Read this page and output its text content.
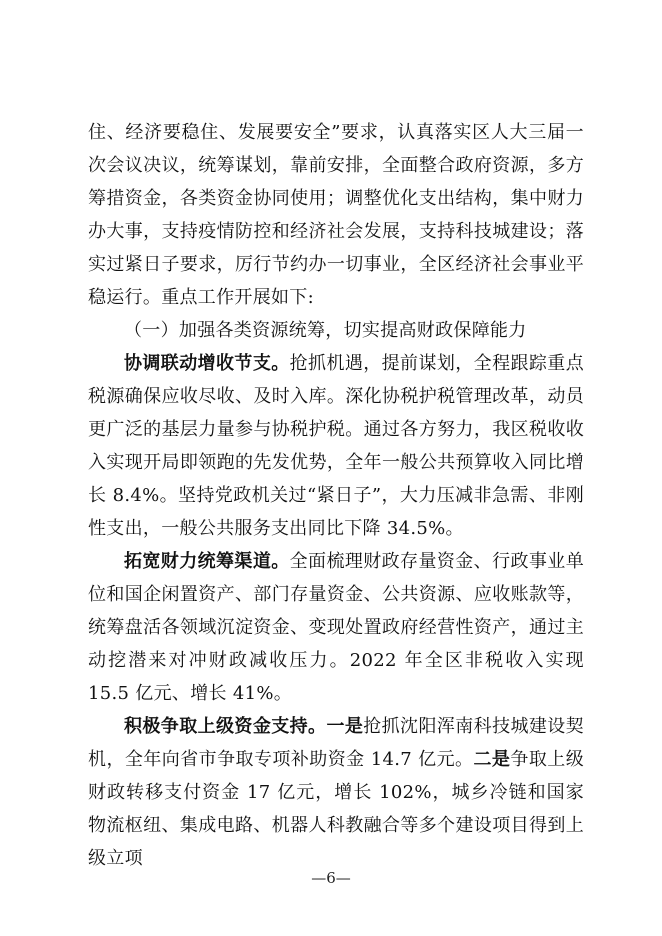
住、经济要稳住、发展要安全”要求，认真落实区人大三届一次会议决议，统筹谋划，靠前安排，全面整合政府资源，多方筹措资金，各类资金协同使用；调整优化支出结构，集中财力办大事，支持疫情防控和经济社会发展，支持科技城建设；落实过紧日子要求，厉行节约办一切事业，全区经济社会事业平稳运行。重点工作开展如下:

（一）加强各类资源统筹，切实提高财政保障能力

协调联动增收节支。抢抓机遇，提前谋划，全程跟踪重点税源确保应收尽收、及时入库。深化协税护税管理改革，动员更广泛的基层力量参与协税护税。通过各方努力，我区税收收入实现开局即领跑的先发优势，全年一般公共预算收入同比增长 8.4%。坚持党政机关过“紧日子”，大力压减非急需、非刚性支出，一般公共服务支出同比下降 34.5%。

拓宽财力统筹渠道。全面梳理财政存量资金、行政事业单位和国企闲置资产、部门存量资金、公共资源、应收账款等，统筹盘活各领域沉淀资金、变现处置政府经营性资产，通过主动挖潜来对冲财政减收压力。2022 年全区非税收入实现 15.5 亿元、增长 41%。

积极争取上级资金支持。一是抢抓沈阳浑南科技城建设契机，全年向省市争取专项补助资金 14.7 亿元。二是争取上级财政转移支付资金 17 亿元，增长 102%，城乡冷链和国家物流枢纽、集成电路、机器人科教融合等多个建设项目得到上级立项

—6—
